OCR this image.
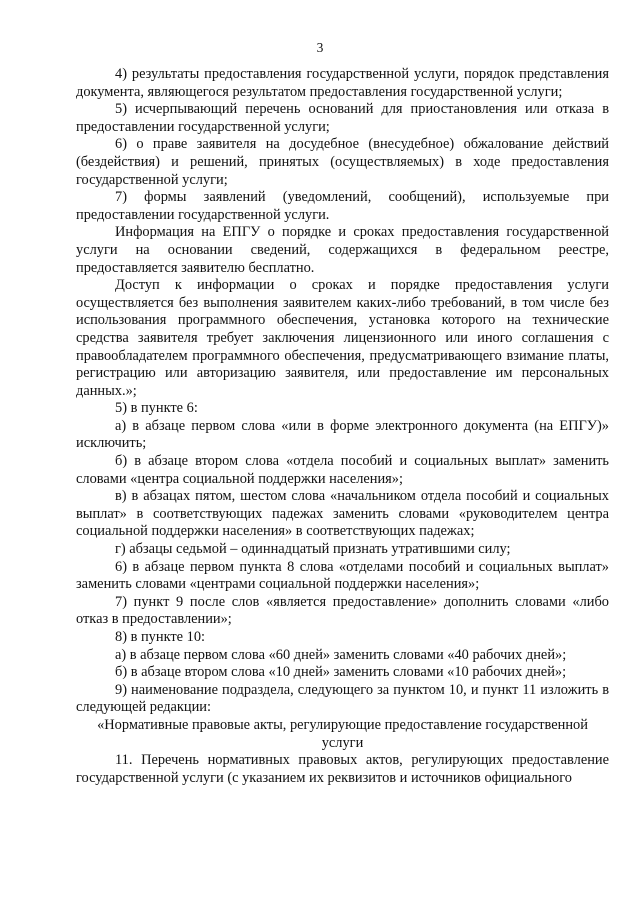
3

4) результаты предоставления государственной услуги, порядок представления документа, являющегося результатом предоставления государственной услуги;

5) исчерпывающий перечень оснований для приостановления или отказа в предоставлении государственной услуги;

6) о праве заявителя на досудебное (внесудебное) обжалование действий (бездействия) и решений, принятых (осуществляемых) в ходе предоставления государственной услуги;

7) формы заявлений (уведомлений, сообщений), используемые при предоставлении государственной услуги.

Информация на ЕПГУ о порядке и сроках предоставления государственной услуги на основании сведений, содержащихся в федеральном реестре, предоставляется заявителю бесплатно.

Доступ к информации о сроках и порядке предоставления услуги осуществляется без выполнения заявителем каких-либо требований, в том числе без использования программного обеспечения, установка которого на технические средства заявителя требует заключения лицензионного или иного соглашения с правообладателем программного обеспечения, предусматривающего взимание платы, регистрацию или авторизацию заявителя, или предоставление им персональных данных.»;

5) в пункте 6:

а) в абзаце первом слова «или в форме электронного документа (на ЕПГУ)» исключить;

б) в абзаце втором слова «отдела пособий и социальных выплат» заменить словами «центра социальной поддержки населения»;

в) в абзацах пятом, шестом слова «начальником отдела пособий и социальных выплат» в соответствующих падежах заменить словами «руководителем центра социальной поддержки населения» в соответствующих падежах;

г) абзацы седьмой – одиннадцатый признать утратившими силу;

6) в абзаце первом пункта 8 слова «отделами пособий и социальных выплат» заменить словами «центрами социальной поддержки населения»;

7) пункт 9 после слов «является предоставление» дополнить словами «либо отказ в предоставлении»;

8) в пункте 10:

а) в абзаце первом слова «60 дней» заменить словами «40 рабочих дней»;

б) в абзаце втором слова «10 дней» заменить словами «10 рабочих дней»;

9) наименование подраздела, следующего за пунктом 10, и пункт 11 изложить в следующей редакции:

«Нормативные правовые акты, регулирующие предоставление государственной услуги

11. Перечень нормативных правовых актов, регулирующих предоставление государственной услуги (с указанием их реквизитов и источников официального
